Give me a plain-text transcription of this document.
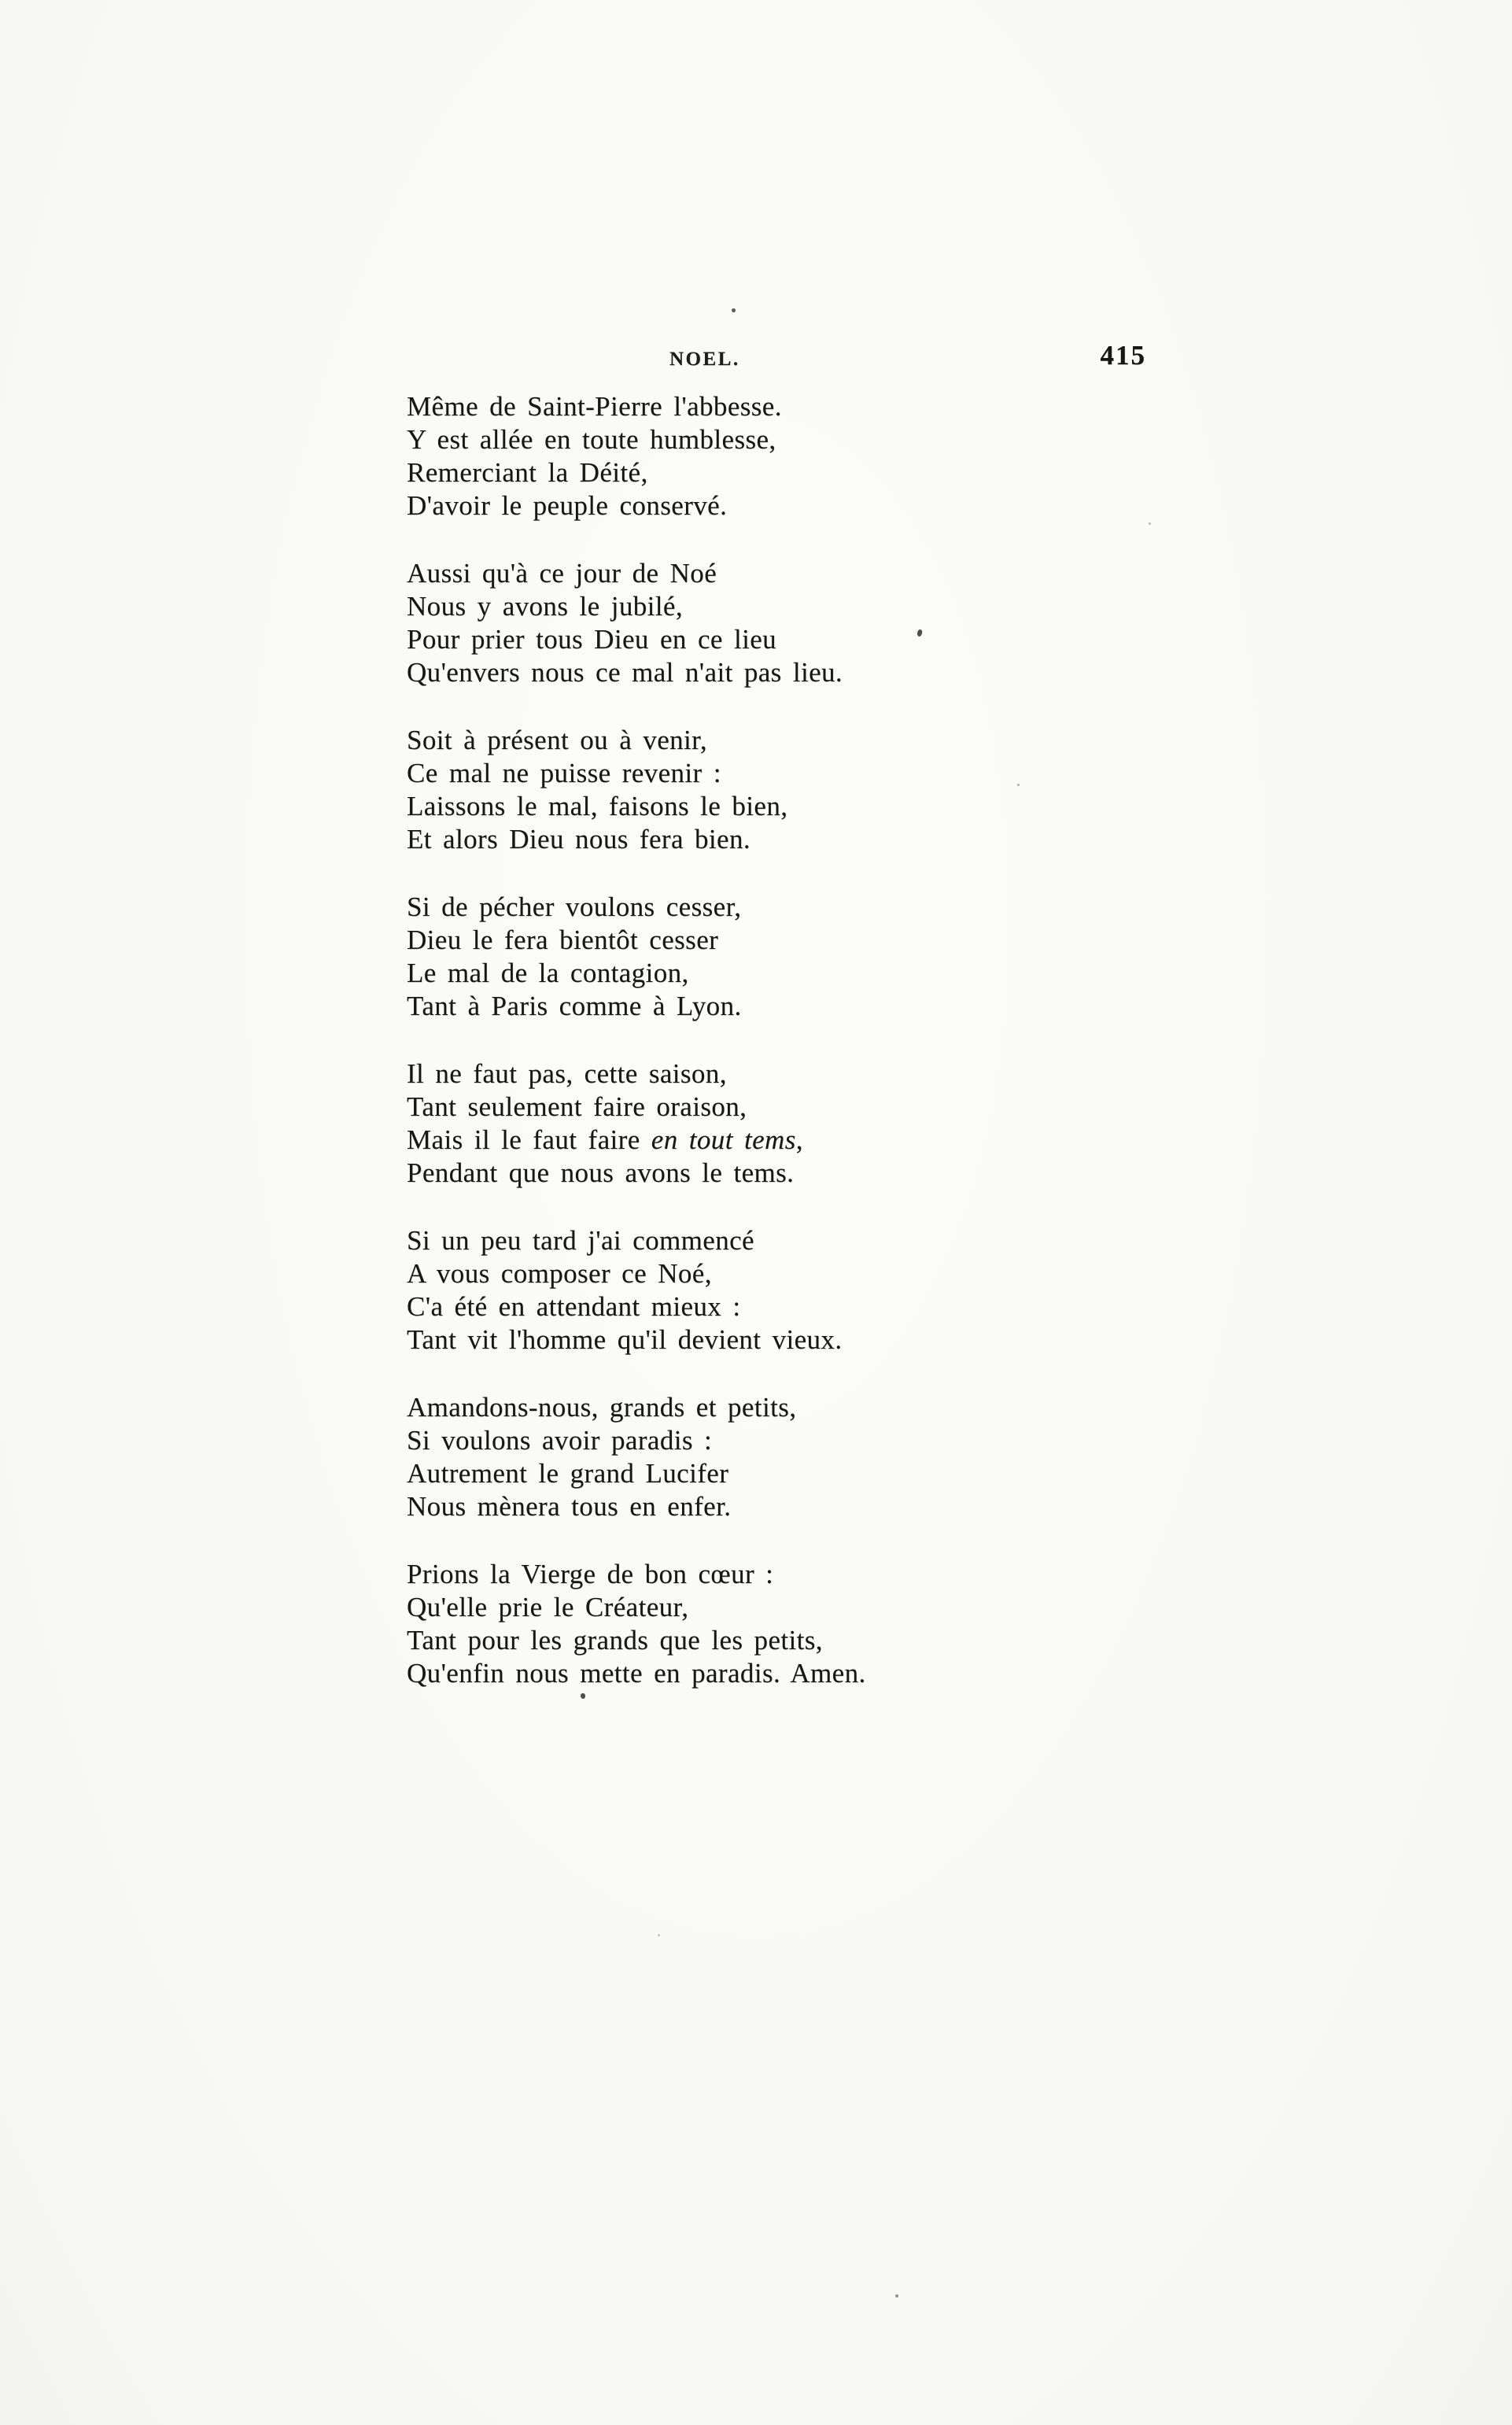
NOEL.	415

Même de Saint-Pierre l'abbesse.
Y est allée en toute humblesse,
Remerciant la Déité,
D'avoir le peuple conservé.

Aussi qu'à ce jour de Noé
Nous y avons le jubilé,
Pour prier tous Dieu en ce lieu
Qu'envers nous ce mal n'ait pas lieu.

Soit à présent ou à venir,
Ce mal ne puisse revenir :
Laissons le mal, faisons le bien,
Et alors Dieu nous fera bien.

Si de pécher voulons cesser,
Dieu le fera bientôt cesser
Le mal de la contagion,
Tant à Paris comme à Lyon.

Il ne faut pas, cette saison,
Tant seulement faire oraison,
Mais il le faut faire en tout tems,
Pendant que nous avons le tems.

Si un peu tard j'ai commencé
A vous composer ce Noé,
C'a été en attendant mieux :
Tant vit l'homme qu'il devient vieux.

Amandons-nous, grands et petits,
Si voulons avoir paradis :
Autrement le grand Lucifer
Nous mènera tous en enfer.

Prions la Vierge de bon cœur :
Qu'elle prie le Créateur,
Tant pour les grands que les petits,
Qu'enfin nous mette en paradis. Amen.
